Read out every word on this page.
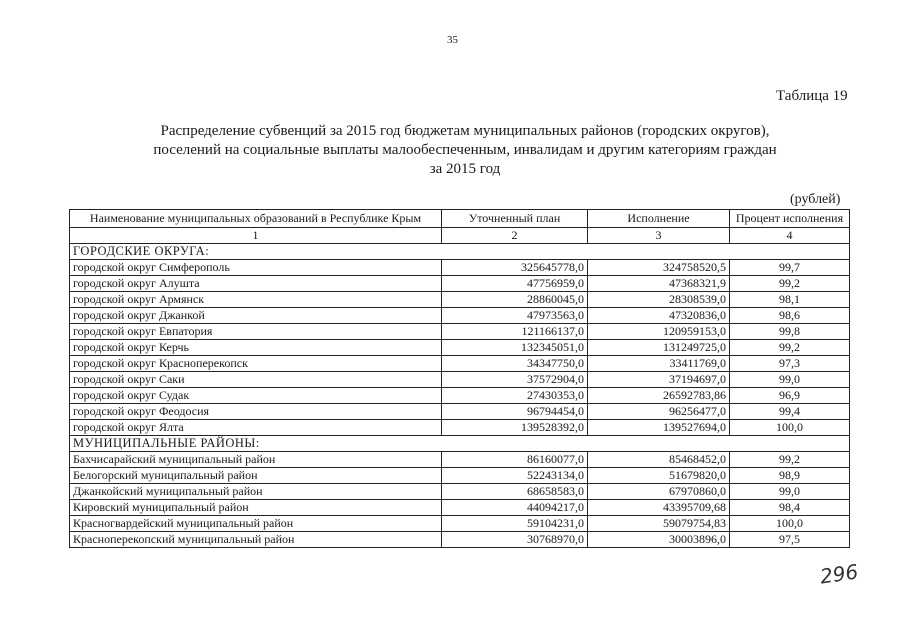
35
Таблица 19
Распределение субвенций за 2015 год бюджетам муниципальных районов (городских округов),
поселений на социальные выплаты малообеспеченным, инвалидам и другим категориям граждан
за 2015 год
(рублей)
Наименование муниципальных образований в Республике Крым	Уточненный план	Исполнение	Процент исполнения
1	2	3	4
ГОРОДСКИЕ ОКРУГА:			
городской округ Симферополь	325645778,0	324758520,5	99,7
городской округ Алушта	47756959,0	47368321,9	99,2
городской округ Армянск	28860045,0	28308539,0	98,1
городской округ Джанкой	47973563,0	47320836,0	98,6
городской округ Евпатория	121166137,0	120959153,0	99,8
городской округ Керчь	132345051,0	131249725,0	99,2
городской округ Красноперекопск	34347750,0	33411769,0	97,3
городской округ Саки	37572904,0	37194697,0	99,0
городской округ Судак	27430353,0	26592783,86	96,9
городской округ Феодосия	96794454,0	96256477,0	99,4
городской округ Ялта	139528392,0	139527694,0	100,0
МУНИЦИПАЛЬНЫЕ РАЙОНЫ:			
Бахчисарайский муниципальный район	86160077,0	85468452,0	99,2
Белогорский муниципальный район	52243134,0	51679820,0	98,9
Джанкойский муниципальный район	68658583,0	67970860,0	99,0
Кировский муниципальный район	44094217,0	43395709,68	98,4
Красногвардейский муниципальный район	59104231,0	59079754,83	100,0
Красноперекопский муниципальный район	30768970,0	30003896,0	97,5
296
